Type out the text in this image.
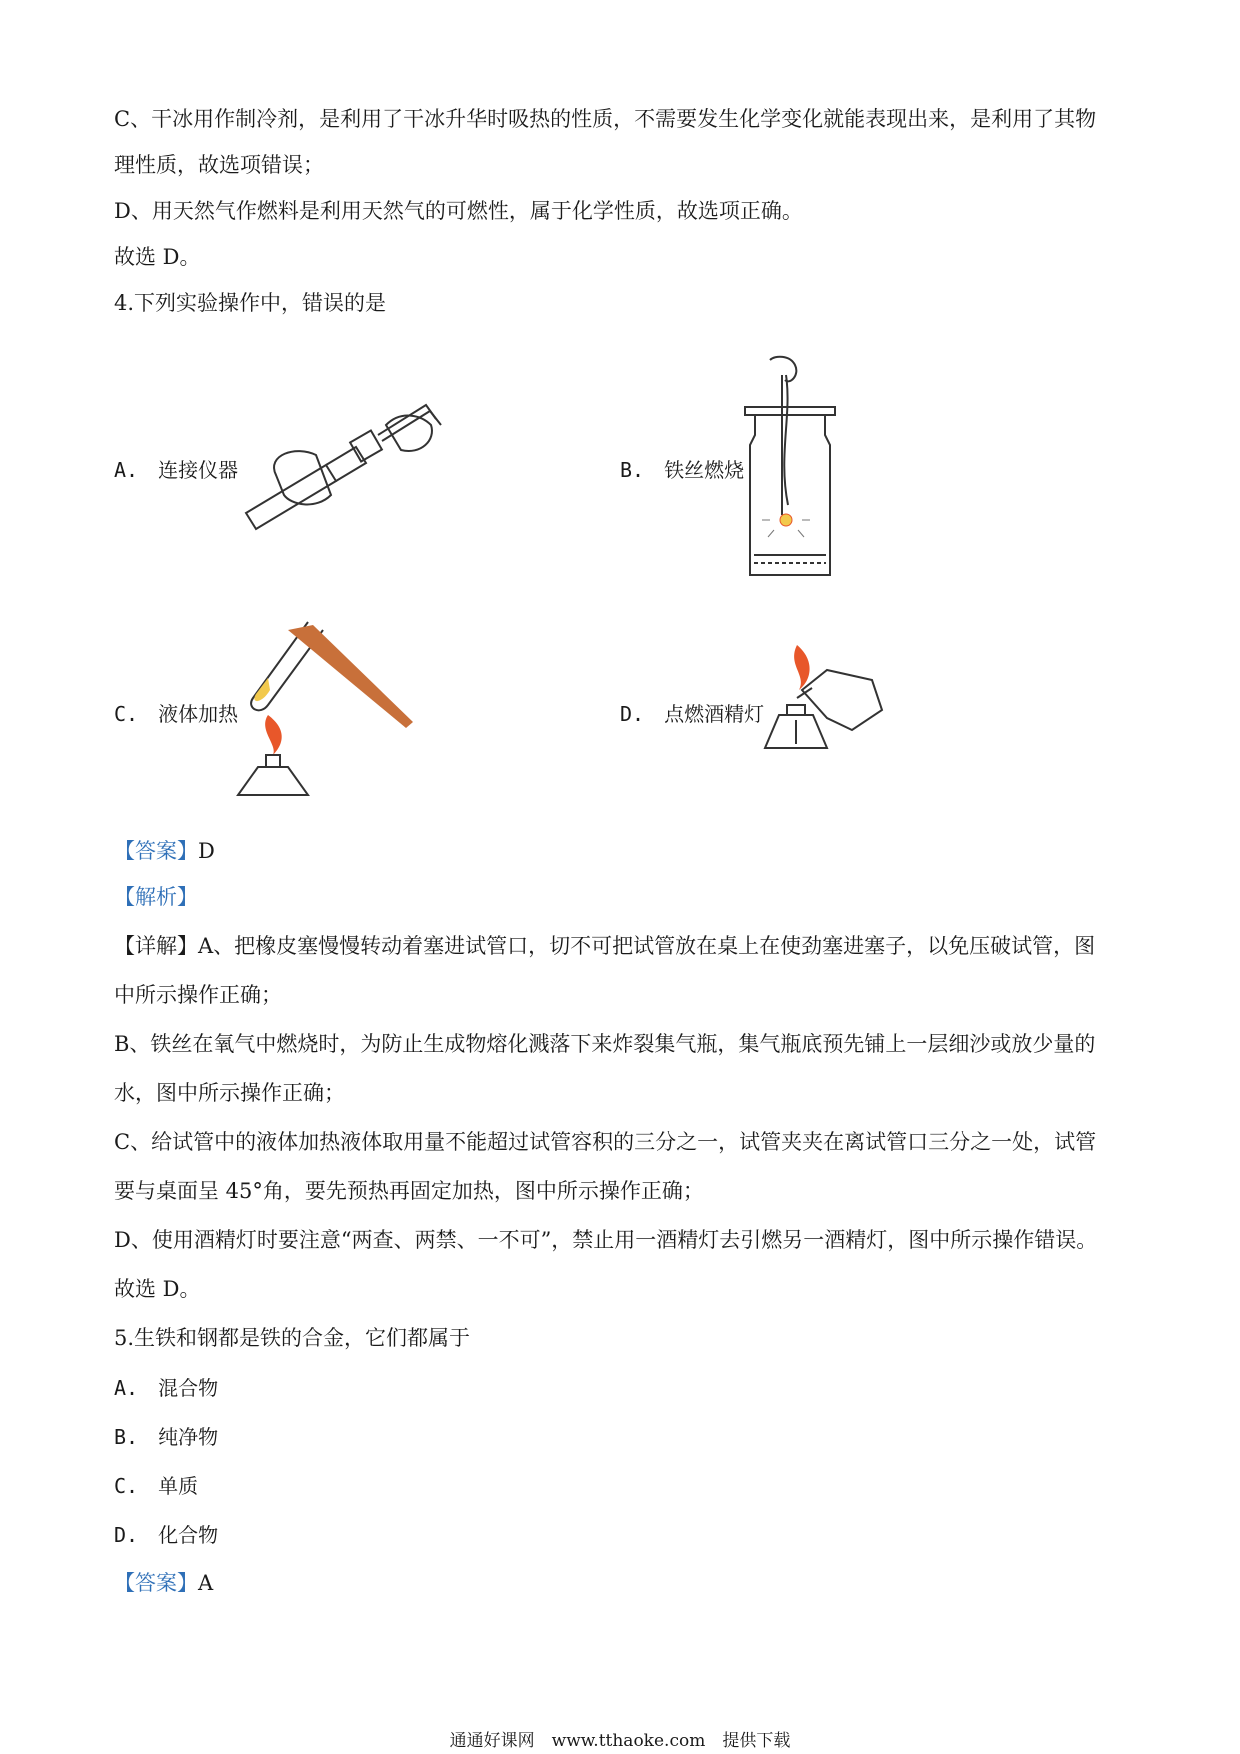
C、干冰用作制冷剂，是利用了干冰升华时吸热的性质，不需要发生化学变化就能表现出来，是利用了其物
理性质，故选项错误；
D、用天然气作燃料是利用天然气的可燃性，属于化学性质，故选项正确。
故选 D。
4.下列实验操作中，错误的是
A.　连接仪器	B.　铁丝燃烧
C.　液体加热	D.　点燃酒精灯
【答案】D
【解析】
【详解】A、把橡皮塞慢慢转动着塞进试管口，切不可把试管放在桌上在使劲塞进塞子，以免压破试管，图
中所示操作正确；
B、铁丝在氧气中燃烧时，为防止生成物熔化溅落下来炸裂集气瓶，集气瓶底预先铺上一层细沙或放少量的
水，图中所示操作正确；
C、给试管中的液体加热液体取用量不能超过试管容积的三分之一，试管夹夹在离试管口三分之一处，试管
要与桌面呈 45°角，要先预热再固定加热，图中所示操作正确；
D、使用酒精灯时要注意“两查、两禁、一不可”，禁止用一酒精灯去引燃另一酒精灯，图中所示操作错误。
故选 D。
5.生铁和钢都是铁的合金，它们都属于
A.　混合物
B.　纯净物
C.　单质
D.　化合物
【答案】A
通通好课网　www.tthaoke.com　提供下载
